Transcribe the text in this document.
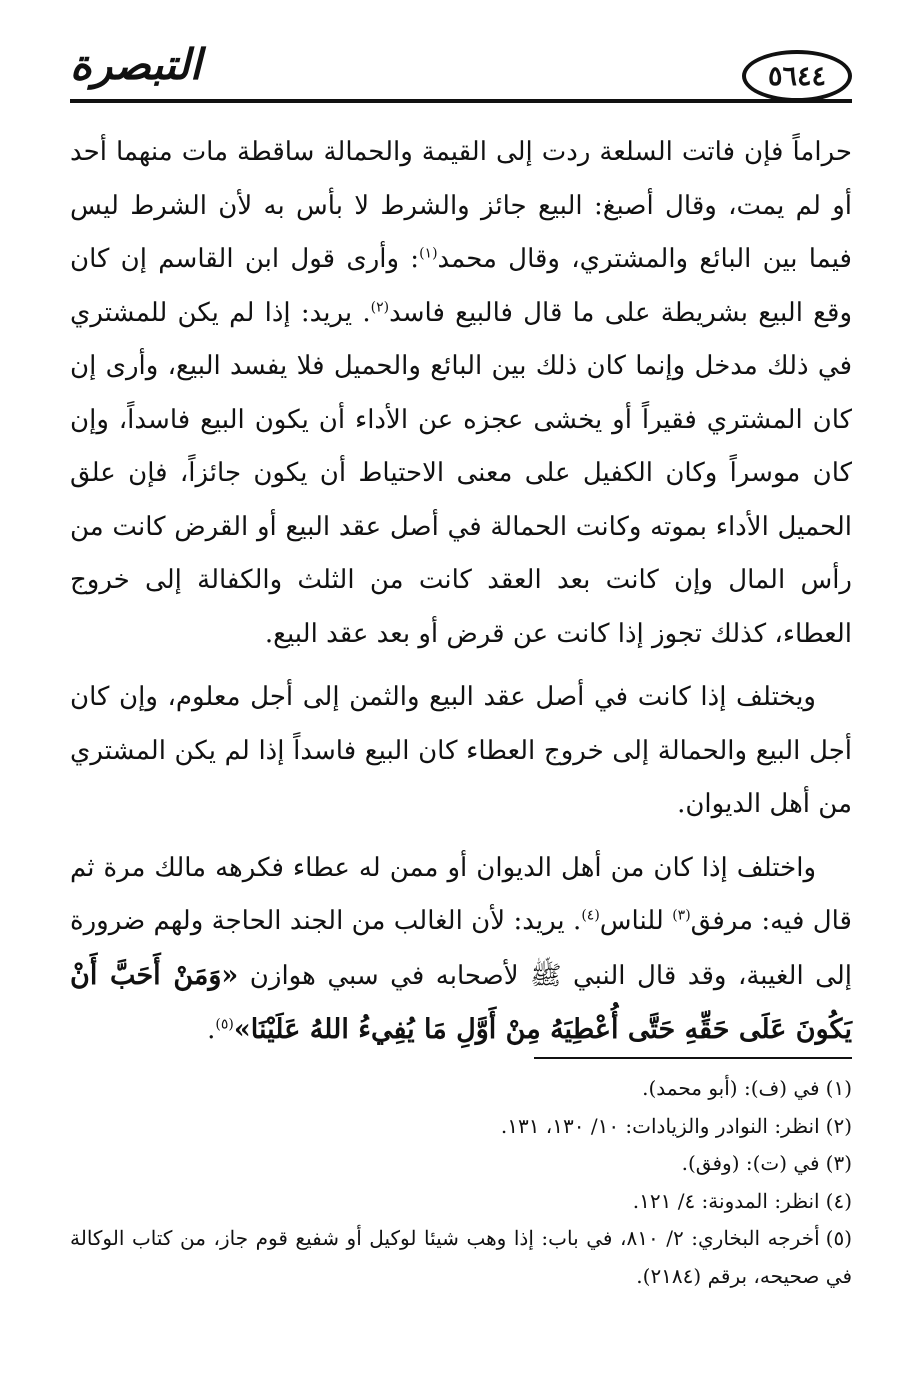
التبصرة	٥٦٤٤

حراماً فإن فاتت السلعة ردت إلى القيمة والحمالة ساقطة مات منهما أحد أو لم يمت، وقال أصبغ: البيع جائز والشرط لا بأس به لأن الشرط ليس فيما بين البائع والمشتري، وقال محمد$^{(١)}$: وأرى قول ابن القاسم إن كان وقع البيع بشريطة على ما قال فالبيع فاسد$^{(٢)}$. يريد: إذا لم يكن للمشتري في ذلك مدخل وإنما كان ذلك بين البائع والحميل فلا يفسد البيع، وأرى إن كان المشتري فقيراً أو يخشى عجزه عن الأداء أن يكون البيع فاسداً، وإن كان موسراً وكان الكفيل على معنى الاحتياط أن يكون جائزاً، فإن علق الحميل الأداء بموته وكانت الحمالة في أصل عقد البيع أو القرض كانت من رأس المال وإن كانت بعد العقد كانت من الثلث والكفالة إلى خروج العطاء، كذلك تجوز إذا كانت عن قرض أو بعد عقد البيع.

ويختلف إذا كانت في أصل عقد البيع والثمن إلى أجل معلوم، وإن كان أجل البيع والحمالة إلى خروج العطاء كان البيع فاسداً إذا لم يكن المشتري من أهل الديوان.

واختلف إذا كان من أهل الديوان أو ممن له عطاء فكرهه مالك مرة ثم قال فيه: مرفق$^{(٣)}$ للناس$^{(٤)}$. يريد: لأن الغالب من الجند الحاجة ولهم ضرورة إلى الغيبة، وقد قال النبي ﷺ لأصحابه في سبي هوازن «وَمَنْ أَحَبَّ أَنْ يَكُونَ عَلَى حَقِّهِ حَتَّى أُعْطِيَهُ مِنْ أَوَّلِ مَا يُفِيءُ اللهُ عَلَيْنَا»$^{(٥)}$.

(١)في (ف): (أبو محمد).

(٢)انظر: النوادر والزيادات: ١٠/ ١٣٠، ١٣١.

(٣)في (ت): (وفق).

(٤)انظر: المدونة: ٤/ ١٢١.

(٥)أخرجه البخاري: ٢/ ٨١٠، في باب: إذا وهب شيئا لوكيل أو شفيع قوم جاز، من كتاب الوكالة في صحيحه، برقم (٢١٨٤).
